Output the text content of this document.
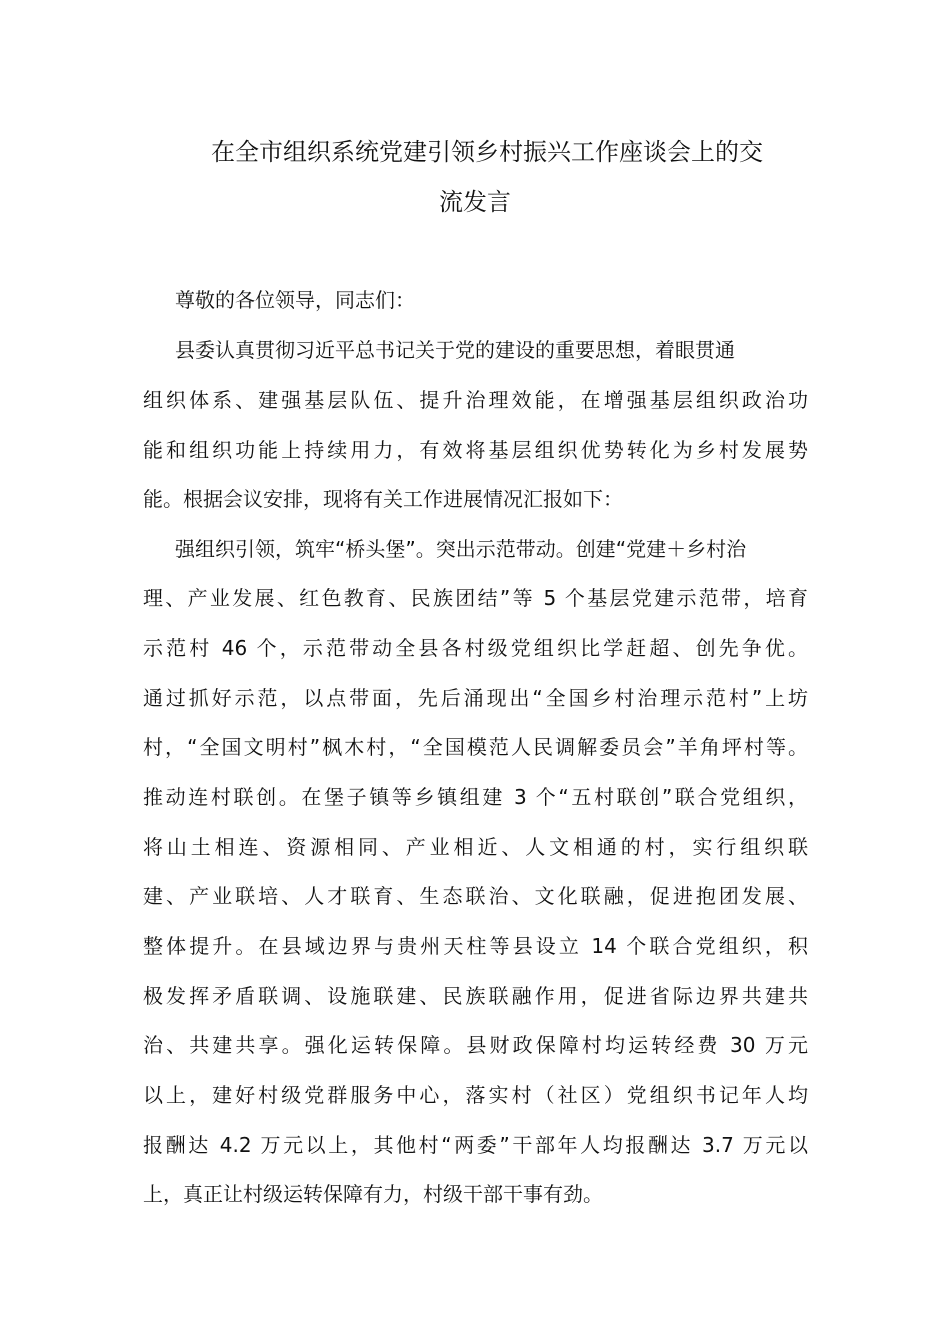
在全市组织系统党建引领乡村振兴工作座谈会上的交
流发言
尊敬的各位领导，同志们：
县委认真贯彻习近平总书记关于党的建设的重要思想，着眼贯通
组织体系、建强基层队伍、提升治理效能，在增强基层组织政治功
能和组织功能上持续用力，有效将基层组织优势转化为乡村发展势
能。根据会议安排，现将有关工作进展情况汇报如下：
强组织引领，筑牢“桥头堡”。突出示范带动。创建“党建＋乡村治
理、产业发展、红色教育、民族团结”等 5 个基层党建示范带，培育
示范村 46 个，示范带动全县各村级党组织比学赶超、创先争优。
通过抓好示范，以点带面，先后涌现出“全国乡村治理示范村”上坊
村，“全国文明村”枫木村，“全国模范人民调解委员会”羊角坪村等。
推动连村联创。在堡子镇等乡镇组建 3 个“五村联创”联合党组织，
将山土相连、资源相同、产业相近、人文相通的村，实行组织联
建、产业联培、人才联育、生态联治、文化联融，促进抱团发展、
整体提升。在县域边界与贵州天柱等县设立 14 个联合党组织，积
极发挥矛盾联调、设施联建、民族联融作用，促进省际边界共建共
治、共建共享。强化运转保障。县财政保障村均运转经费 30 万元
以上，建好村级党群服务中心，落实村（社区）党组织书记年人均
报酬达 4.2 万元以上，其他村“两委”干部年人均报酬达 3.7 万元以
上，真正让村级运转保障有力，村级干部干事有劲。
